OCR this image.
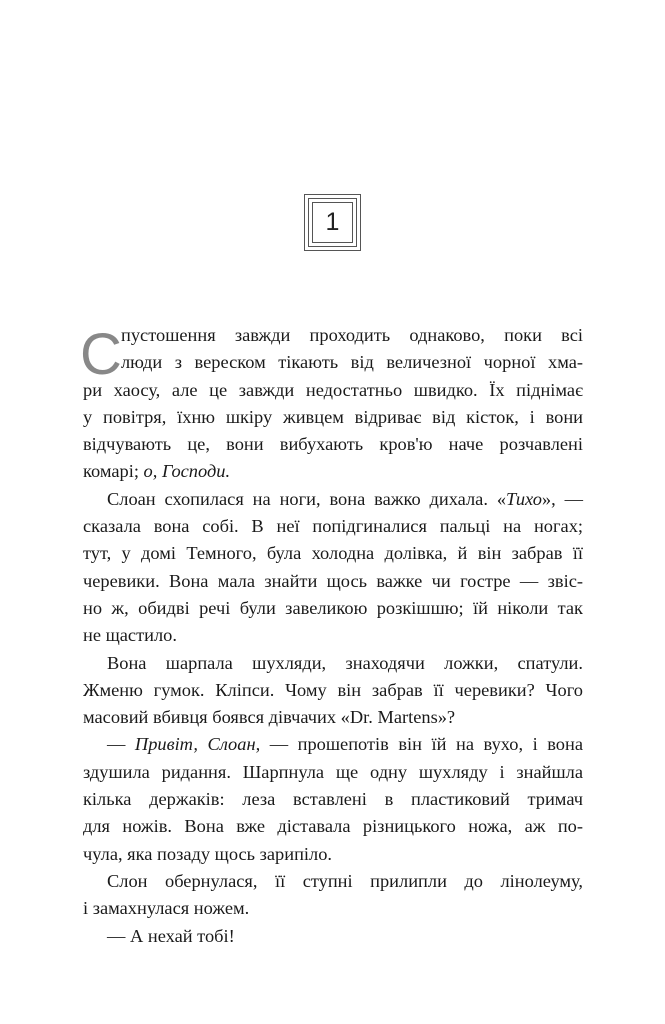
1
С пустошення завжди проходить однаково, поки всі
люди з вереском тікають від величезної чорної хма-
ри хаосу, але це завжди недостатньо швидко. Їх піднімає
у повітря, їхню шкіру живцем відриває від кісток, і вони
відчувають це, вони вибухають кров'ю наче розчавлені
комарі; о, Господи.
Слоан схопилася на ноги, вона важко дихала. «Тихо», —
сказала вона собі. В неї попідгиналися пальці на ногах;
тут, у домі Темного, була холодна долівка, й він забрав її
черевики. Вона мала знайти щось важке чи гостре — звіс-
но ж, обидві речі були завеликою розкішшю; їй ніколи так
не щастило.
Вона шарпала шухляди, знаходячи ложки, спатули.
Жменю гумок. Кліпси. Чому він забрав її черевики? Чого
масовий вбивця боявся дівчачих «Dr. Martens»?
— Привіт, Слоан, — прошепотів він їй на вухо, і вона
здушила ридання. Шарпнула ще одну шухляду і знайшла
кілька держаків: леза вставлені в пластиковий тримач
для ножів. Вона вже діставала різницького ножа, аж по-
чула, яка позаду щось зарипіло.
Слон обернулася, її ступні прилипли до лінолеуму,
і замахнулася ножем.
— А нехай тобі!
